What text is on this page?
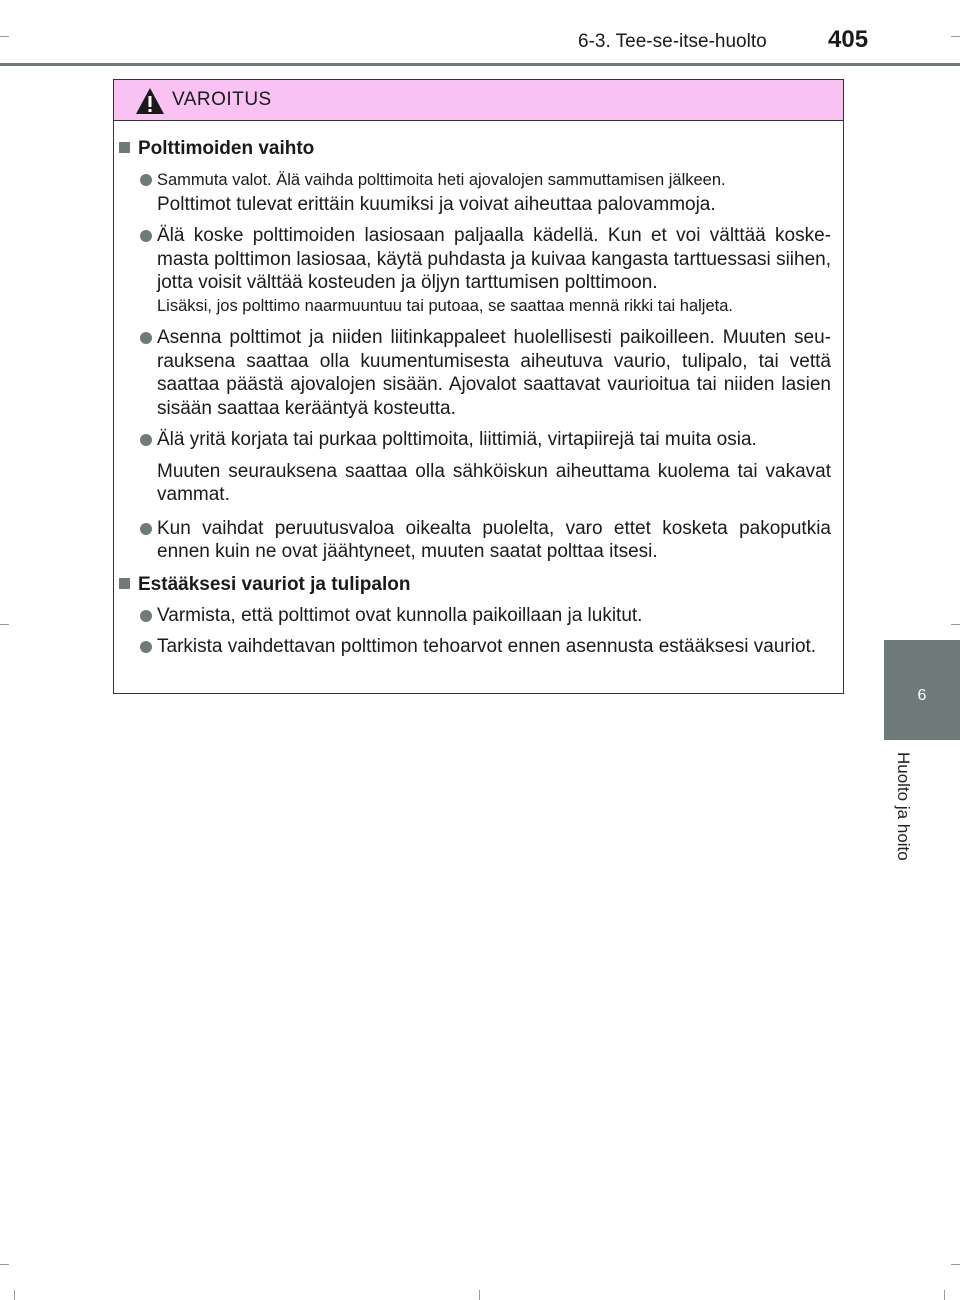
6-3. Tee-se-itse-huolto	405
6
Huolto ja hoito
VAROITUS
Polttimoiden vaihto
Sammuta valot. Älä vaihda polttimoita heti ajovalojen sammuttamisen jälkeen.
Polttimot tulevat erittäin kuumiksi ja voivat aiheuttaa palovammoja.
Älä koske polttimoiden lasiosaan paljaalla kädellä. Kun et voi välttää koske-masta polttimon lasiosaa, käytä puhdasta ja kuivaa kangasta tarttuessasi siihen, jotta voisit välttää kosteuden ja öljyn tarttumisen polttimoon.
Lisäksi, jos polttimo naarmuuntuu tai putoaa, se saattaa mennä rikki tai haljeta.
Asenna polttimot ja niiden liitinkappaleet huolellisesti paikoilleen. Muuten seu-rauksena saattaa olla kuumentumisesta aiheutuva vaurio, tulipalo, tai vettä saattaa päästä ajovalojen sisään. Ajovalot saattavat vaurioitua tai niiden lasien sisään saattaa kerääntyä kosteutta.
Älä yritä korjata tai purkaa polttimoita, liittimiä, virtapiirejä tai muita osia.
Muuten seurauksena saattaa olla sähköiskun aiheuttama kuolema tai vakavat vammat.
Kun vaihdat peruutusvaloa oikealta puolelta, varo ettet kosketa pakoputkia ennen kuin ne ovat jäähtyneet, muuten saatat polttaa itsesi.
Estääksesi vauriot ja tulipalon
Varmista, että polttimot ovat kunnolla paikoillaan ja lukitut.
Tarkista vaihdettavan polttimon tehoarvot ennen asennusta estääksesi vauriot.
